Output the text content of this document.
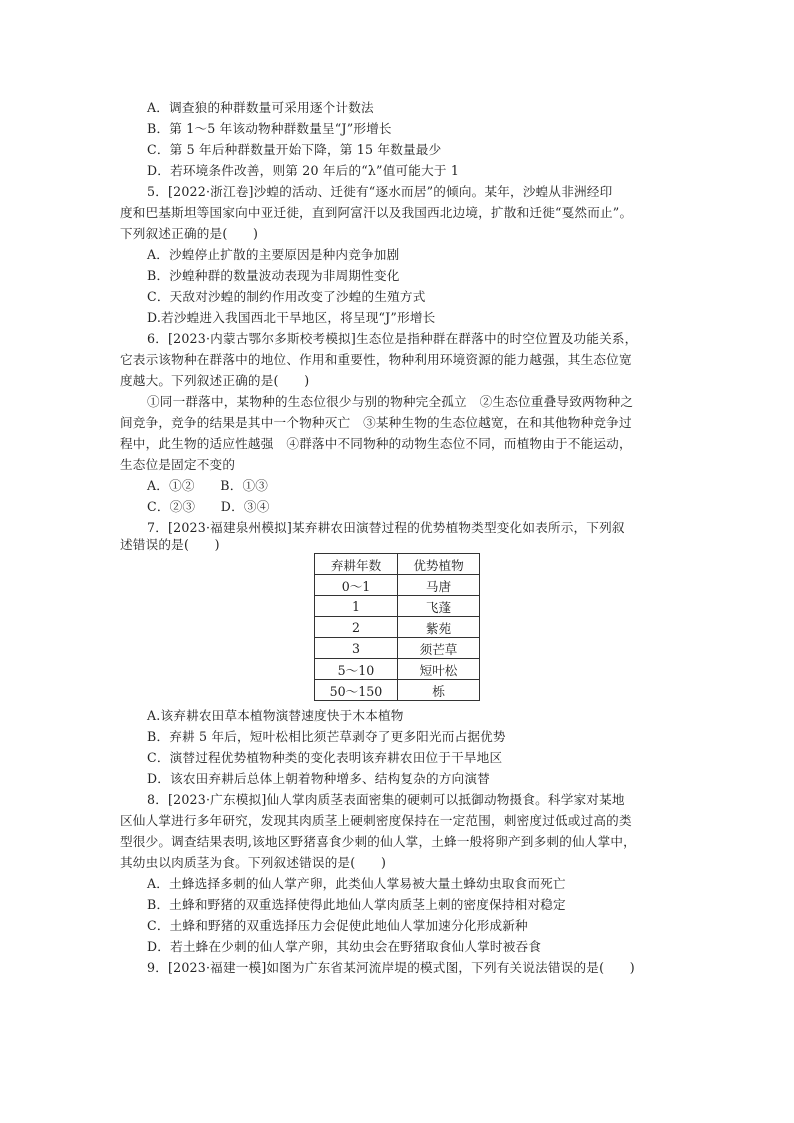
A．调查狼的种群数量可采用逐个计数法
B．第 1～5 年该动物种群数量呈“J”形增长
C．第 5 年后种群数量开始下降，第 15 年数量最少
D．若环境条件改善，则第 20 年后的“λ”值可能大于 1
5．[2022·浙江卷]沙蝗的活动、迁徙有“逐水而居”的倾向。某年，沙蝗从非洲经印
度和巴基斯坦等国家向中亚迁徙，直到阿富汗以及我国西北边境，扩散和迁徙“戛然而止”。
下列叙述正确的是(　　)
A．沙蝗停止扩散的主要原因是种内竞争加剧
B．沙蝗种群的数量波动表现为非周期性变化
C．天敌对沙蝗的制约作用改变了沙蝗的生殖方式
D.若沙蝗进入我国西北干旱地区，将呈现“J”形增长
6．[2023·内蒙古鄂尔多斯校考模拟]生态位是指种群在群落中的时空位置及功能关系，
它表示该物种在群落中的地位、作用和重要性，物种利用环境资源的能力越强，其生态位宽
度越大。下列叙述正确的是(　　)
①同一群落中，某物种的生态位很少与别的物种完全孤立　②生态位重叠导致两物种之
间竞争，竞争的结果是其中一个物种灭亡　③某种生物的生态位越宽，在和其他物种竞争过
程中，此生物的适应性越强　④群落中不同物种的动物生态位不同，而植物由于不能运动，
生态位是固定不变的
A．①②　　B．①③
C．②③　　D．③④
7．[2023·福建泉州模拟]某弃耕农田演替过程的优势植物类型变化如表所示，下列叙
述错误的是(　　)
弃耕年数	优势植物
0～1	马唐
1	飞蓬
2	紫苑
3	须芒草
5～10	短叶松
50～150	栎
A.该弃耕农田草本植物演替速度快于木本植物
B．弃耕 5 年后，短叶松相比须芒草剥夺了更多阳光而占据优势
C．演替过程优势植物种类的变化表明该弃耕农田位于干旱地区
D．该农田弃耕后总体上朝着物种增多、结构复杂的方向演替
8．[2023·广东模拟]仙人掌肉质茎表面密集的硬刺可以抵御动物摄食。科学家对某地
区仙人掌进行多年研究，发现其肉质茎上硬刺密度保持在一定范围，刺密度过低或过高的类
型很少。调查结果表明,该地区野猪喜食少刺的仙人掌，土蜂一般将卵产到多刺的仙人掌中，
其幼虫以肉质茎为食。下列叙述错误的是(　　)
A．土蜂选择多刺的仙人掌产卵，此类仙人掌易被大量土蜂幼虫取食而死亡
B．土蜂和野猪的双重选择使得此地仙人掌肉质茎上刺的密度保持相对稳定
C．土蜂和野猪的双重选择压力会促使此地仙人掌加速分化形成新种
D．若土蜂在少刺的仙人掌产卵，其幼虫会在野猪取食仙人掌时被吞食
9．[2023·福建一模]如图为广东省某河流岸堤的模式图，下列有关说法错误的是(　　)
